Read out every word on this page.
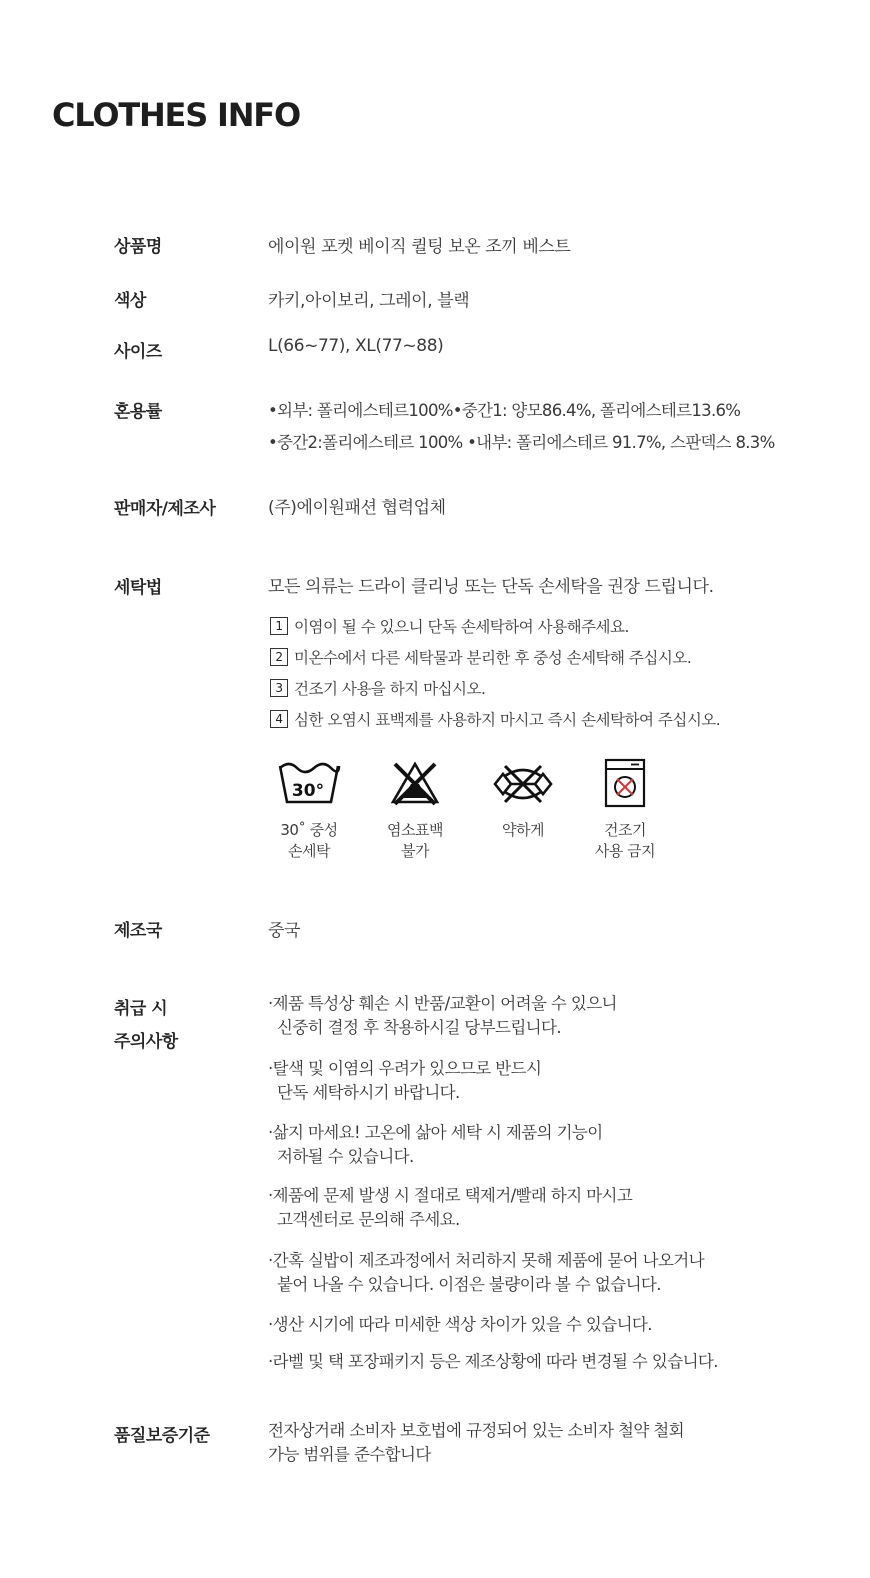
CLOTHES INFO
상품명	에이원 포켓 베이직 퀼팅 보온 조끼 베스트
색상	카키,아이보리, 그레이, 블랙
사이즈	L(66~77), XL(77~88)
혼용률	•외부: 폴리에스테르100%•중간1: 양모86.4%, 폴리에스테르13.6%
•중간2:폴리에스테르 100% •내부: 폴리에스테르 91.7%, 스판덱스 8.3%
판매자/제조사	(주)에이원패션 협력업체
세탁법	모든 의류는 드라이 클리닝 또는 단독 손세탁을 권장 드립니다.
1 이염이 될 수 있으니 단독 손세탁하여 사용해주세요.
2 미온수에서 다른 세탁물과 분리한 후 중성 손세탁해 주십시오.
3 건조기 사용을 하지 마십시오.
4 심한 오염시 표백제를 사용하지 마시고 즉시 손세탁하여 주십시오.
30°
30˚ 중성
손세탁
염소표백
불가
약하게	건조기
사용 금지
제조국	중국
취급 시
주의사항
·제품 특성상 훼손 시 반품/교환이 어려울 수 있으니
신중히 결정 후 착용하시길 당부드립니다.
·탈색 및 이염의 우려가 있으므로 반드시
단독 세탁하시기 바랍니다.
·삶지 마세요! 고온에 삶아 세탁 시 제품의 기능이
저하될 수 있습니다.
·제품에 문제 발생 시 절대로 택제거/빨래 하지 마시고
고객센터로 문의해 주세요.
·간혹 실밥이 제조과정에서 처리하지 못해 제품에 묻어 나오거나
붙어 나올 수 있습니다. 이점은 불량이라 볼 수 없습니다.
·생산 시기에 따라 미세한 색상 차이가 있을 수 있습니다.
·라벨 및 택 포장패키지 등은 제조상황에 따라 변경될 수 있습니다.
품질보증기준	전자상거래 소비자 보호법에 규정되어 있는 소비자 철약 철회
가능 범위를 준수합니다
